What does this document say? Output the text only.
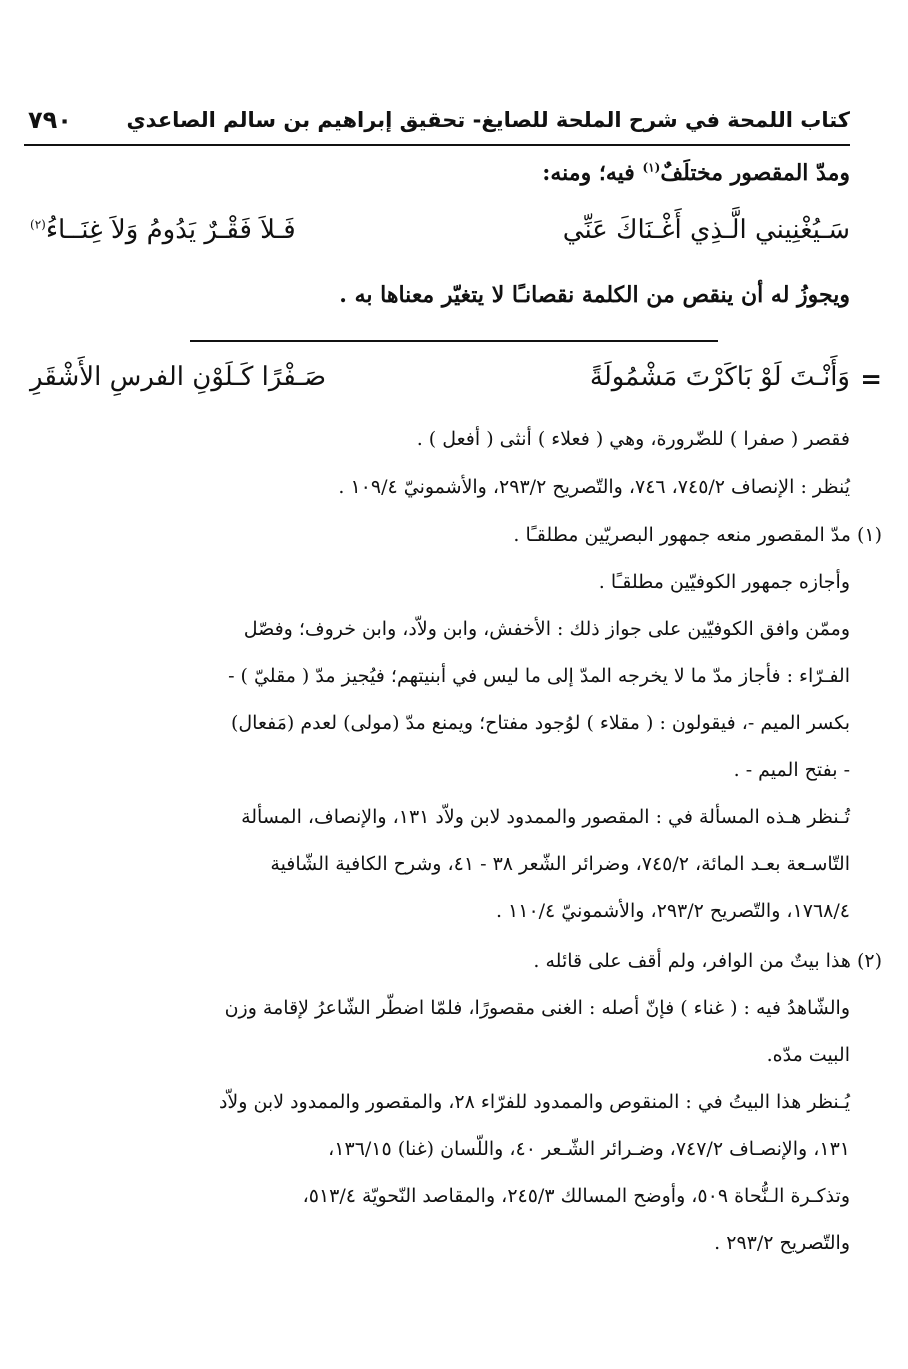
كتاب اللمحة في شرح الملحة للصايغ- تحقيق إبراهيم بن سالم الصاعدي
٧٩٠
ومدّ المقصور مختلَفٌ$^{(١)}$ فيه؛ ومنه:
سَـيُغْنِيني الَّـذِي أَغْـنَاكَ عَنِّي
فَـلاَ فَقْـرٌ يَدُومُ وَلاَ غِنَــاءُ$^{(٢)}$
ويجوزُ له أن ينقص من الكلمة نقصانـًا لا يتغيّر معناها به .
=
وَأَنْـتَ لَوْ بَاكَرْتَ مَشْمُولَةً
صَـفْرًا كَـلَوْنِ الفرسِ الأَشْقَرِ
فقصر ( صفرا ) للضّرورة، وهي ( فعلاء ) أنثى ( أفعل ) .
يُنظر : الإنصاف ٧٤٥/٢، ٧٤٦، والتّصريح ٢٩٣/٢، والأشمونيّ ١٠٩/٤ .
(١)مدّ المقصور منعه جمهور البصريّين مطلقـًا .
وأجازه جمهور الكوفيّين مطلقـًا .
وممّن وافق الكوفيّين على جواز ذلك : الأخفش، وابن ولاّد، وابن خروف؛ وفصّل
الفـرّاء : فأجاز مدّ ما لا يخرجه المدّ إلى ما ليس في أبنيتهم؛ فيُجيز مدّ ( مقليّ ) -
بكسر الميم -، فيقولون : ( مقلاء ) لوُجود مفتاح؛ ويمنع مدّ (مولى) لعدم (مَفعال)
- بفتح الميم - .
تُـنظر هـذه المسألة في : المقصور والممدود لابن ولاّد ١٣١، والإنصاف، المسألة
التّاسـعة بعـد المائة، ٧٤٥/٢، وضرائر الشّعر ٣٨ - ٤١، وشرح الكافية الشّافية
١٧٦٨/٤، والتّصريح ٢٩٣/٢، والأشمونيّ ١١٠/٤ .
(٢)هذا بيتٌ من الوافر، ولم أقف على قائله .
والشّاهدُ فيه : ( غناء ) فإنّ أصله : الغنى مقصورًا، فلمّا اضطّر الشّاعرُ لإقامة وزن
البيت مدّه.
يُـنظر هذا البيتُ في : المنقوص والممدود للفرّاء ٢٨، والمقصور والممدود لابن ولاّد
١٣١، والإنصـاف ٧٤٧/٢، وضـرائر الشّـعر ٤٠، واللّسان (غنا) ١٣٦/١٥،
وتذكـرة الـنُّحاة ٥٠٩، وأوضح المسالك ٢٤٥/٣، والمقاصد النّحويّة ٥١٣/٤،
والتّصريح ٢٩٣/٢ .
